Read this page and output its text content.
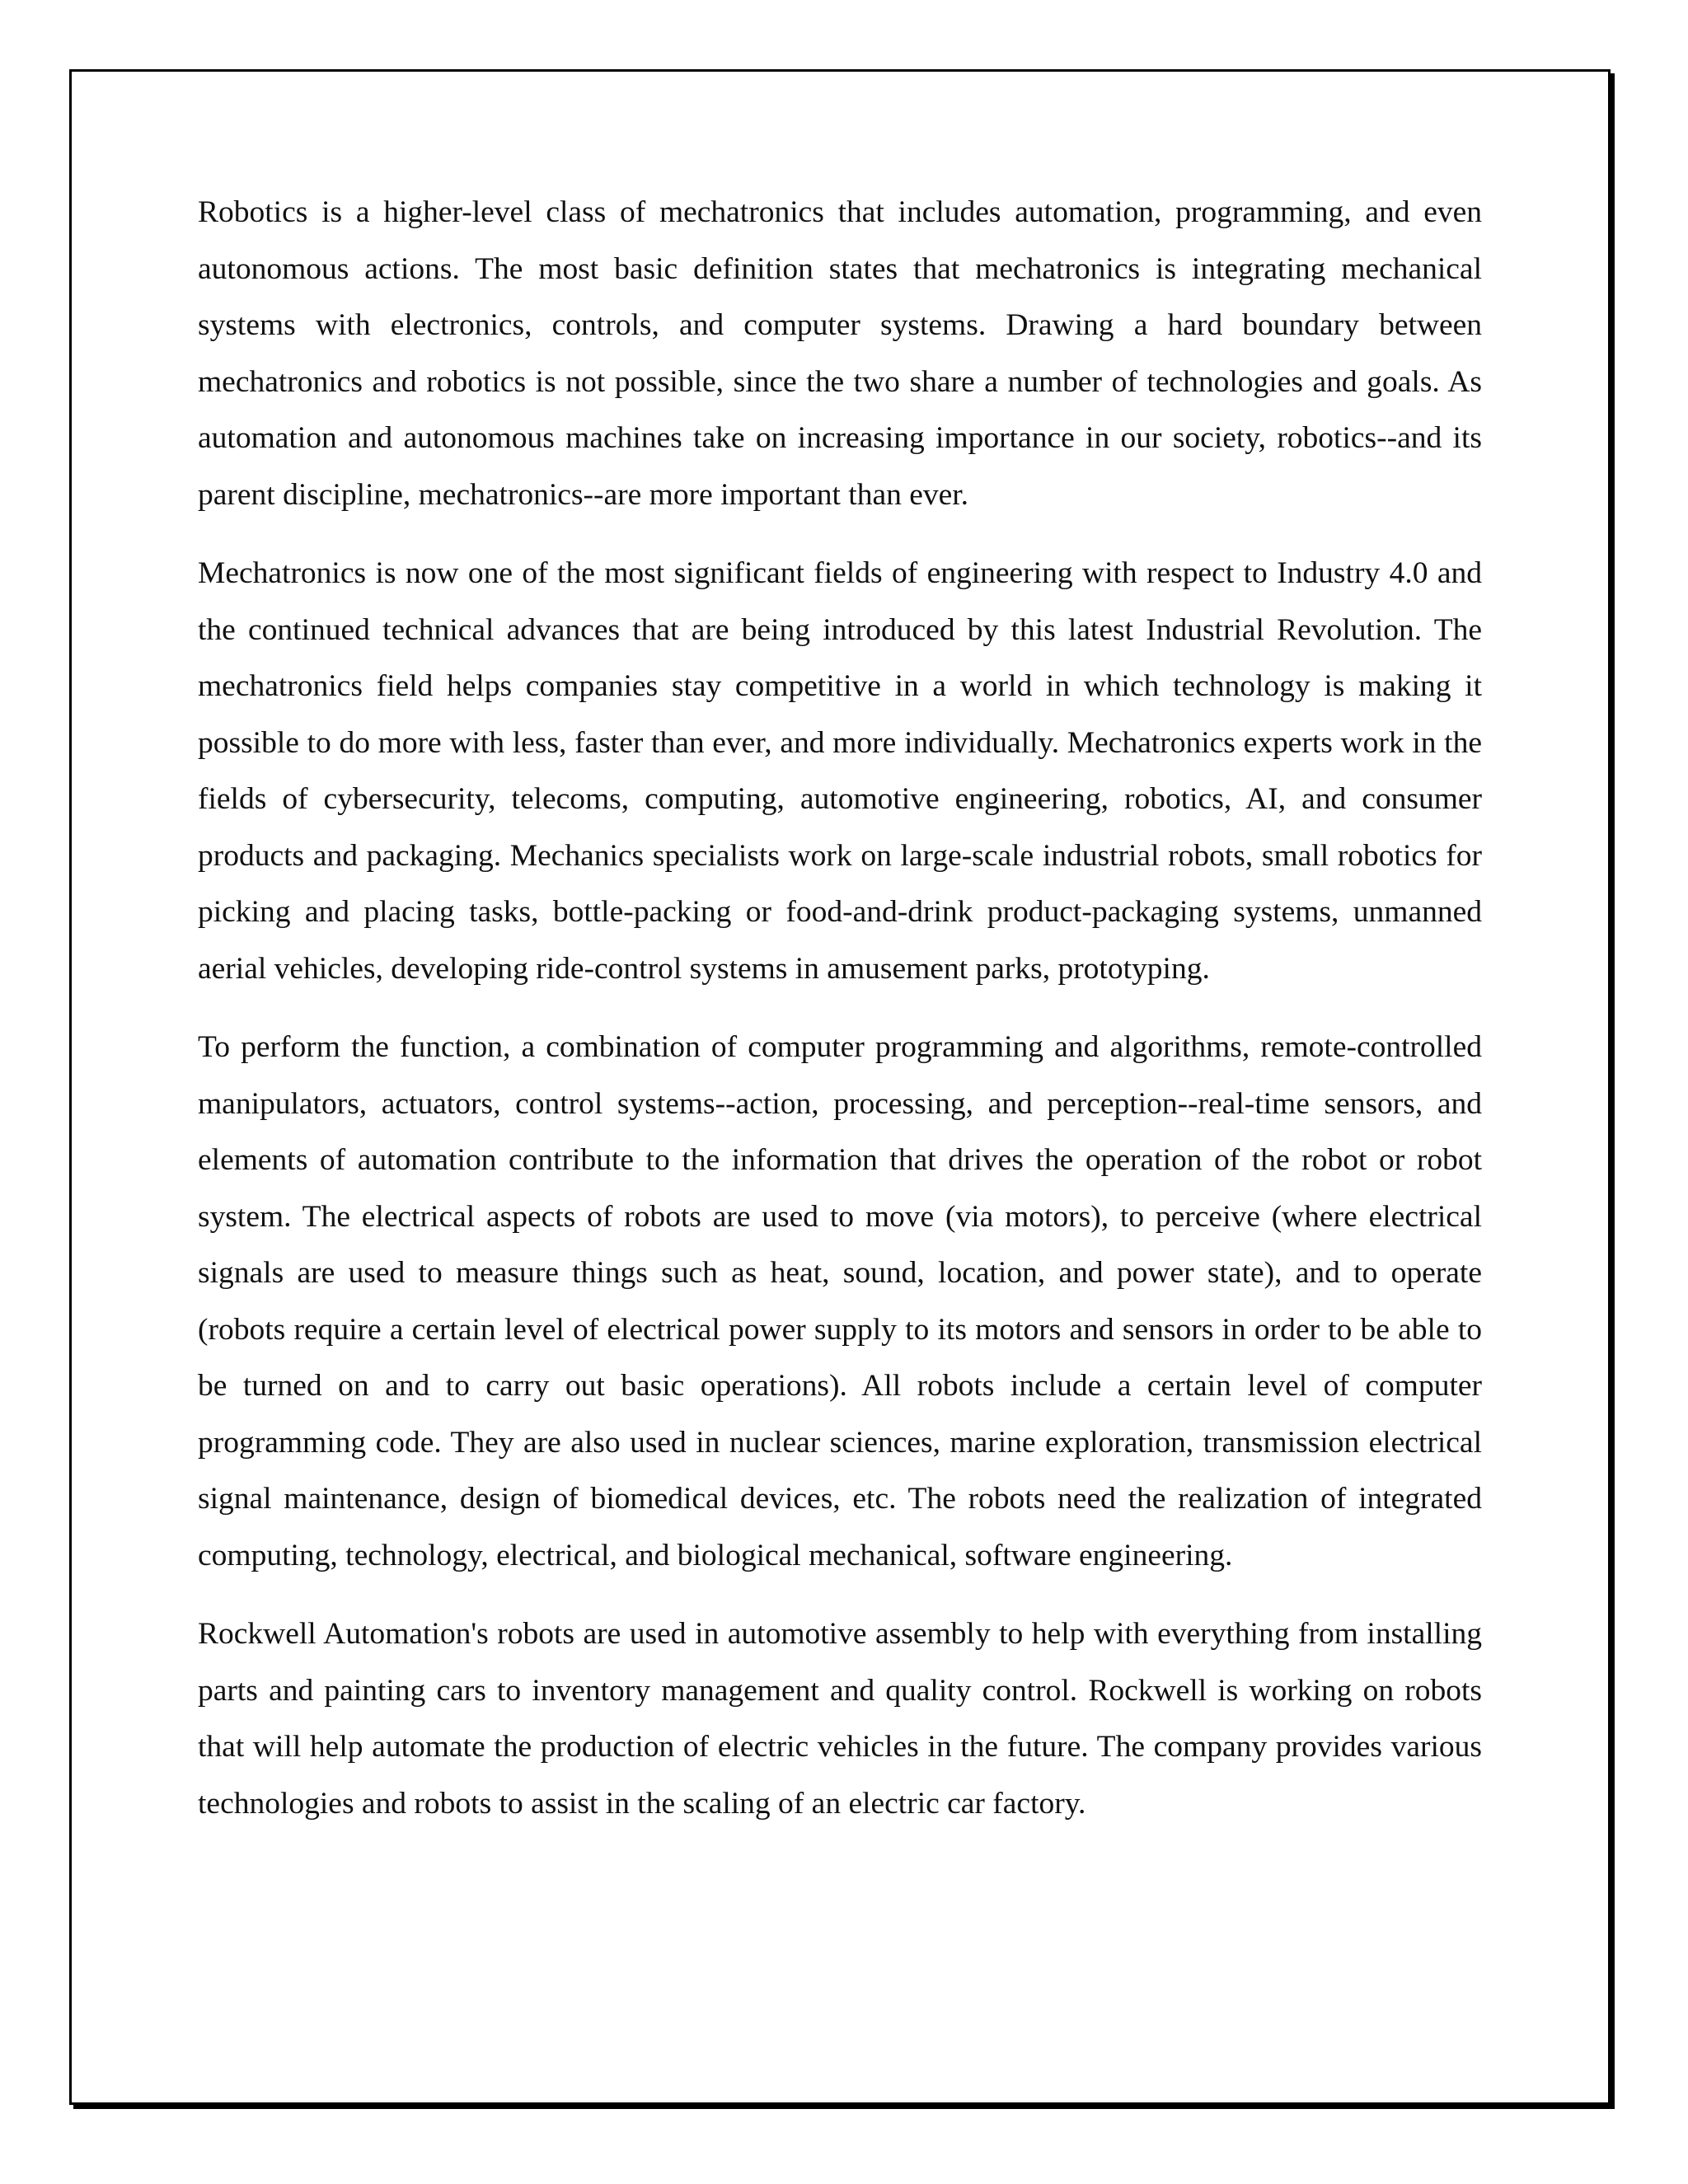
Robotics is a higher-level class of mechatronics that includes automation, programming, and even autonomous actions. The most basic definition states that mechatronics is integrating mechanical systems with electronics, controls, and computer systems. Drawing a hard boundary between mechatronics and robotics is not possible, since the two share a number of technologies and goals. As automation and autonomous machines take on increasing importance in our society, robotics--and its parent discipline, mechatronics--are more important than ever.

Mechatronics is now one of the most significant fields of engineering with respect to Industry 4.0 and the continued technical advances that are being introduced by this latest Industrial Revolution. The mechatronics field helps companies stay competitive in a world in which technology is making it possible to do more with less, faster than ever, and more individually. Mechatronics experts work in the fields of cybersecurity, telecoms, computing, automotive engineering, robotics, AI, and consumer products and packaging. Mechanics specialists work on large-scale industrial robots, small robotics for picking and placing tasks, bottle-packing or food-and-drink product-packaging systems, unmanned aerial vehicles, developing ride-control systems in amusement parks, prototyping.

To perform the function, a combination of computer programming and algorithms, remote-controlled manipulators, actuators, control systems--action, processing, and perception--real-time sensors, and elements of automation contribute to the information that drives the operation of the robot or robot system. The electrical aspects of robots are used to move (via motors), to perceive (where electrical signals are used to measure things such as heat, sound, location, and power state), and to operate (robots require a certain level of electrical power supply to its motors and sensors in order to be able to be turned on and to carry out basic operations). All robots include a certain level of computer programming code. They are also used in nuclear sciences, marine exploration, transmission electrical signal maintenance, design of biomedical devices, etc. The robots need the realization of integrated computing, technology, electrical, and biological mechanical, software engineering.

Rockwell Automation's robots are used in automotive assembly to help with everything from installing parts and painting cars to inventory management and quality control. Rockwell is working on robots that will help automate the production of electric vehicles in the future. The company provides various technologies and robots to assist in the scaling of an electric car factory.
